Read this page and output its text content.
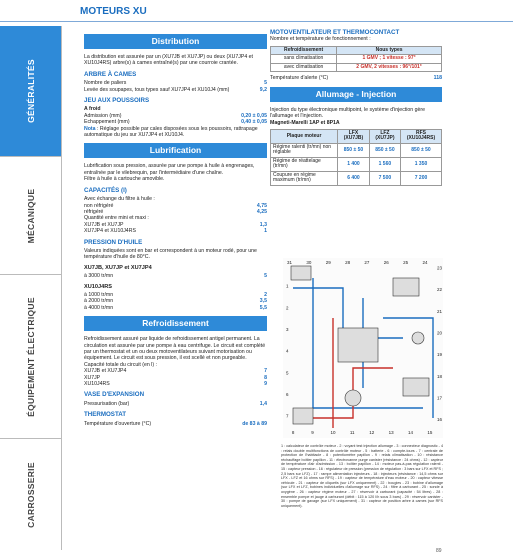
MOTEURS XU
GÉNÉRALITÉS
MÉCANIQUE
ÉQUIPEMENT ÉLECTRIQUE
CARROSSERIE
Distribution

La distribution est assurée par un (XU7JB et XU7JP) ou deux (XU7JP4 et XU10J4RS) arbre(s) à cames entraîné(s) par une courroie crantée.

ARBRE À CAMES
Nombre de paliers	5
Levée des soupapes, tous types sauf XU7JP4 et XU10J4 (mm)	9,2
JEU AUX POUSSOIRS
A froid
Admission (mm)	0,20 ± 0,05
Echappement (mm)	0,40 ± 0,05

Nota : Réglage possible par cales disposées sous les poussoirs, rattrapage automatique du jeu sur XU7JP4 et XU10J4.

Lubrification

Lubrification sous pression, assurée par une pompe à huile à engrenages, entraînée par le vilebrequin, par l'intermédiaire d'une chaîne.

Filtre à huile à cartouche amovible.

CAPACITÉS (l)

Avec échange du filtre à huile :

non réfrigéré	4,75
réfrigéré	4,25

Quantité entre mini et maxi :

XU7JB et XU7JP	1,3
XU7JP4 et XU10J4RS	1
PRESSION D'HUILE

Valeurs indiquées sont en bar et correspondent à un moteur rodé, pour une température d'huile de 80°C.

XU7JB, XU7JP et XU7JP4
à 3000 tr/mn	5
XU10J4RS
à 1000 tr/mn	2
à 2000 tr/mn	3,5
à 4000 tr/mn	5,5
Refroidissement

Refroidissement assuré par liquide de refroidissement antigel permanent. La circulation est assurée par une pompe à eau centrifuge. Le circuit est complété par un thermostat et un ou deux motoventilateurs suivant motorisation ou équipement. Le circuit est sous pression, il est scellé et non purgeable.

Capacité totale du circuit (en l) :

XU7JB et XU7JP4	7
XU7JP	8
XU10J4RS	9
VASE D'EXPANSION
Pressurisation (bar)	1,4
THERMOSTAT
Température d'ouverture (°C)	de 83 à 89
MOTOVENTILATEUR ET THERMOCONTACT

Nombre et température de fonctionnement :

Refroidissement	Nous types
sans climatisation	1 GMV ; 1 vitesse : 97°
avec climatisation	2 GMV, 2 vitesses : 96°/101°
Température d'alerte (°C)	118
Allumage - Injection

Injection du type électronique multipoint, le système d'injection gère l'allumage et l'injection.

Magneti-Marelli 1AP et 8P1A
Plaque moteur	LFX (XU7JB)	LFZ (XU7JP)	RFS (XU10J4RS)
Régime ralenti (tr/mn) non réglable	850 ± 50	850 ± 50	850 ± 50
Régime de réattelage (tr/mn)	1 400	1 560	1 350
Coupure en régime maximum (tr/mn)	6 400	7 500	7 200
31	30	29	28	27	26	25	24
23
22
21
20
19
18
17
16
15
14
13
12
11
10
9
8
7
6
5
4
3
2
1
1 : calculateur de contrôle moteur - 2 : voyant test injection allumage - 3 : connecteur diagnostic - 4 : relais double multifonctions de contrôle moteur - 5 : batterie - 6 : compte-tours - 7 : centrale de protection de l'habitacle - 8 : potentiomètre papillon - 9 : relais climatisation - 10 : résistance réchauffage boîtier papillon - 11 : électrovanne purge canister (résistance : 24 ohms) - 12 : capteur de température d'air d'admission - 13 : boîtier papillon - 14 : moteur pas-à-pas régulation ralenti - 15 : capteur pression - 16 : régulateur de pression (pression de régulation : 3 bars sur LFX et RFS ; 2,5 bars sur LFZ) - 17 : rampe alimentation injecteurs - 18 : injecteurs (résistance : 14,5 ohms sur LFX - LFZ et 16 ohms sur RFS) - 19 : capteur de température d'eau moteur - 20 : capteur vitesse véhicule - 21 : capteur de cliquetis (sur LFX uniquement) - 22 : bougies - 23 : bobine d'allumage (sur LFX et LFZ, bobines individuelles d'allumage sur RFS) - 24 : filtre à carburant - 25 : sonde à oxygène - 26 : capteur régime moteur - 27 : réservoir à carburant (capacité : 54 litres) - 28 : ensemble pompe et jauge à carburant (débit : 115 à 120 l/h sous 3 bars) - 29 : réservoir canister - 30 : pompe de gavage (sur LFX uniquement) - 31 : capteur de position arbre à cames (sur RFS uniquement).
89
